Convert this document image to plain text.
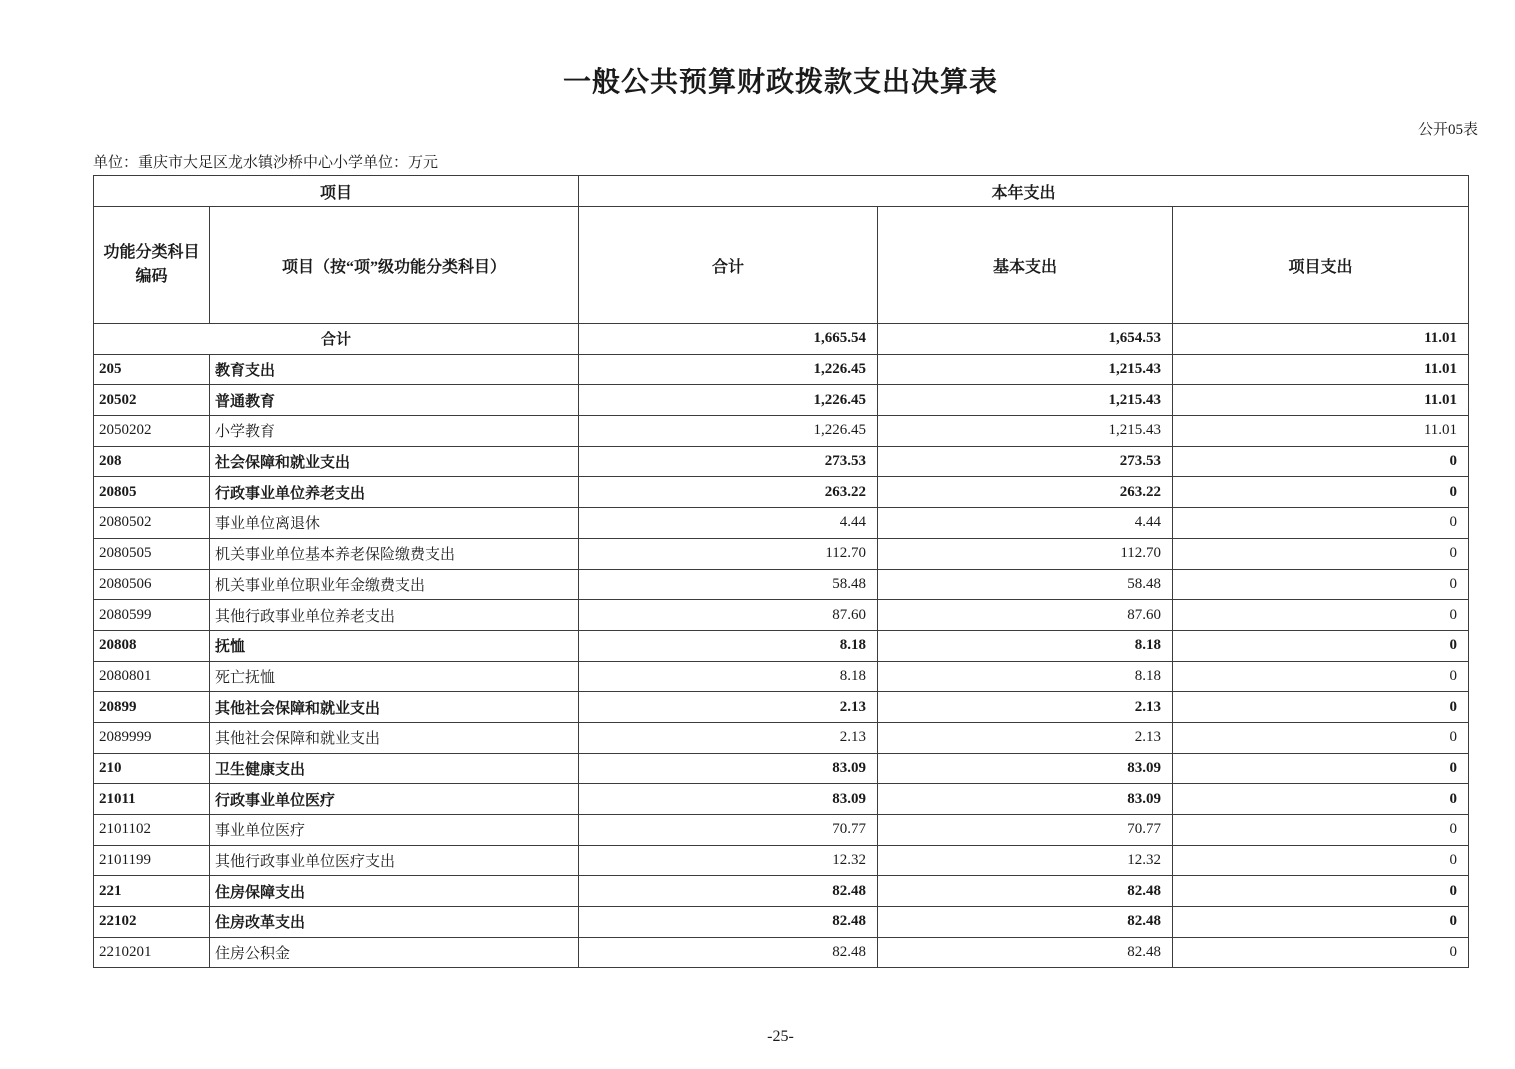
一般公共预算财政拨款支出决算表
公开05表
单位：重庆市大足区龙水镇沙桥中心小学单位：万元
项目		本年支出		

功能分类科目
编码	项目（按“项”级功能分类科目）	合计	基本支出	项目支出
合计		1,665.54	1,654.53	11.01
205	教育支出	1,226.45	1,215.43	11.01
20502	普通教育	1,226.45	1,215.43	11.01
2050202	小学教育	1,226.45	1,215.43	11.01
208	社会保障和就业支出	273.53	273.53	0
20805	行政事业单位养老支出	263.22	263.22	0
2080502	事业单位离退休	4.44	4.44	0
2080505	机关事业单位基本养老保险缴费支出	112.70	112.70	0
2080506	机关事业单位职业年金缴费支出	58.48	58.48	0
2080599	其他行政事业单位养老支出	87.60	87.60	0
20808	抚恤	8.18	8.18	0
2080801	死亡抚恤	8.18	8.18	0
20899	其他社会保障和就业支出	2.13	2.13	0
2089999	其他社会保障和就业支出	2.13	2.13	0
210	卫生健康支出	83.09	83.09	0
21011	行政事业单位医疗	83.09	83.09	0
2101102	事业单位医疗	70.77	70.77	0
2101199	其他行政事业单位医疗支出	12.32	12.32	0
221	住房保障支出	82.48	82.48	0
22102	住房改革支出	82.48	82.48	0
2210201	住房公积金	82.48	82.48	0
-25-
